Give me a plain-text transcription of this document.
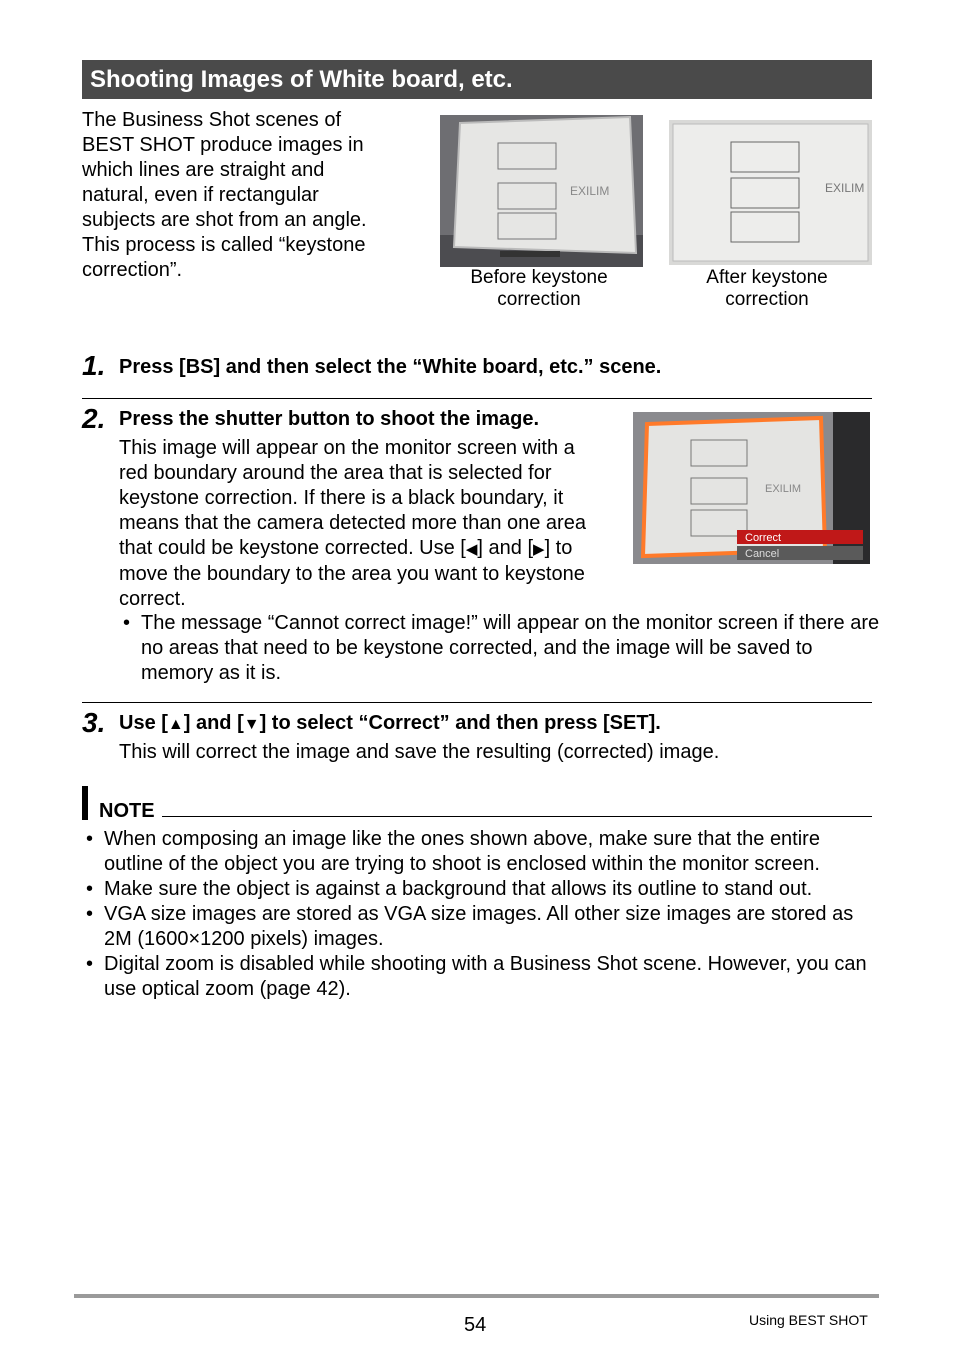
Shooting Images of White board, etc.
The Business Shot scenes of BEST SHOT produce images in which lines are straight and natural, even if rectangular subjects are shot from an angle. This process is called “keystone correction”.
EXILIM	EXILIM
Before keystone
correction
After keystone
correction
1. Press [BS] and then select the “White board, etc.” scene.
2. Press the shutter button to shoot the image.
This image will appear on the monitor screen with a
red boundary around the area that is selected for
keystone correction. If there is a black boundary, it
means that the camera detected more than one area
that could be keystone corrected. Use [◀] and [▶] to
move the boundary to the area you want to keystone
correct.
EXILIM
Correct
Cancel
• The message “Cannot correct image!” will appear on the monitor screen if there are no areas that need to be keystone corrected, and the image will be saved to memory as it is.
3. Use [▲] and [▼] to select “Correct” and then press [SET].
This will correct the image and save the resulting (corrected) image.
NOTE
• When composing an image like the ones shown above, make sure that the entire outline of the object you are trying to shoot is enclosed within the monitor screen.
• Make sure the object is against a background that allows its outline to stand out.
• VGA size images are stored as VGA size images. All other size images are stored as 2M (1600×1200 pixels) images.
• Digital zoom is disabled while shooting with a Business Shot scene. However, you can use optical zoom (page 42).
54	Using BEST SHOT
